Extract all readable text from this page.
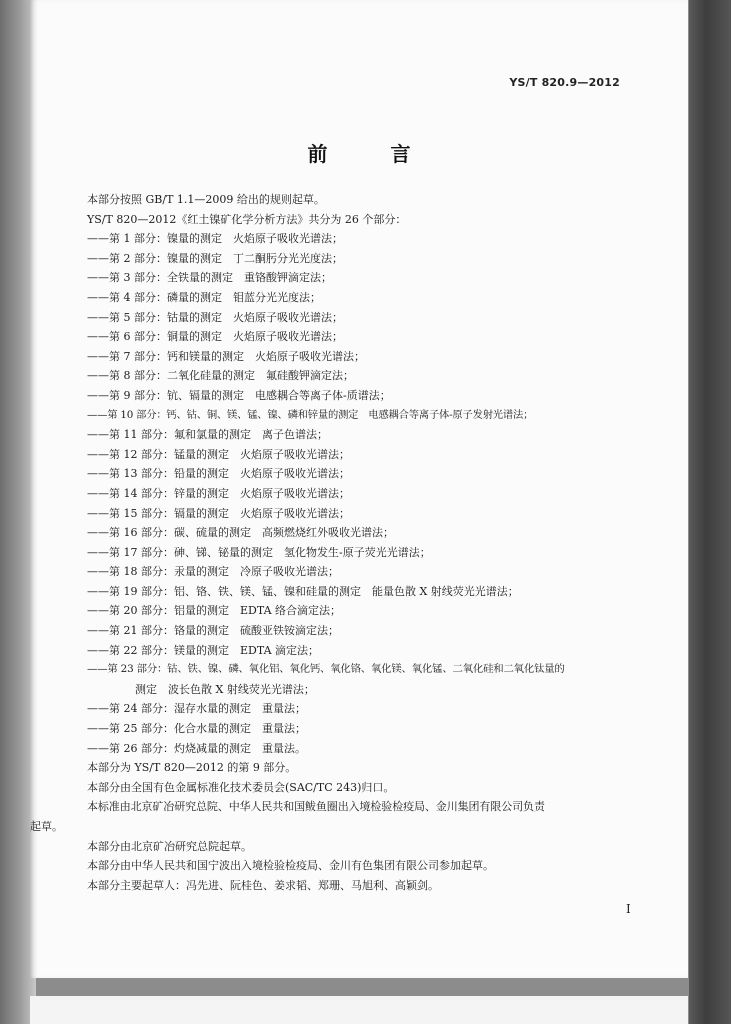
YS/T 820.9—2012
前 言
本部分按照 GB/T 1.1—2009 给出的规则起草。
YS/T 820—2012《红土镍矿化学分析方法》共分为 26 个部分：
——第 1 部分：镍量的测定　火焰原子吸收光谱法；
——第 2 部分：镍量的测定　丁二酮肟分光光度法；
——第 3 部分：全铁量的测定　重铬酸钾滴定法；
——第 4 部分：磷量的测定　钼蓝分光光度法；
——第 5 部分：钴量的测定　火焰原子吸收光谱法；
——第 6 部分：铜量的测定　火焰原子吸收光谱法；
——第 7 部分：钙和镁量的测定　火焰原子吸收光谱法；
——第 8 部分：二氧化硅量的测定　氟硅酸钾滴定法；
——第 9 部分：钪、镉量的测定　电感耦合等离子体-质谱法；
——第 10 部分：钙、钴、铜、镁、锰、镍、磷和锌量的测定　电感耦合等离子体-原子发射光谱法；
——第 11 部分：氟和氯量的测定　离子色谱法；
——第 12 部分：锰量的测定　火焰原子吸收光谱法；
——第 13 部分：铅量的测定　火焰原子吸收光谱法；
——第 14 部分：锌量的测定　火焰原子吸收光谱法；
——第 15 部分：镉量的测定　火焰原子吸收光谱法；
——第 16 部分：碳、硫量的测定　高频燃烧红外吸收光谱法；
——第 17 部分：砷、锑、铋量的测定　氢化物发生-原子荧光光谱法；
——第 18 部分：汞量的测定　冷原子吸收光谱法；
——第 19 部分：铝、铬、铁、镁、锰、镍和硅量的测定　能量色散 X 射线荧光光谱法；
——第 20 部分：铝量的测定　EDTA 络合滴定法；
——第 21 部分：铬量的测定　硫酸亚铁铵滴定法；
——第 22 部分：镁量的测定　EDTA 滴定法；
——第 23 部分：钴、铁、镍、磷、氧化铝、氧化钙、氧化铬、氧化镁、氧化锰、二氧化硅和二氧化钛量的
测定　波长色散 X 射线荧光光谱法；
——第 24 部分：湿存水量的测定　重量法；
——第 25 部分：化合水量的测定　重量法；
——第 26 部分：灼烧减量的测定　重量法。
本部分为 YS/T 820—2012 的第 9 部分。
本部分由全国有色金属标准化技术委员会(SAC/TC 243)归口。
本标准由北京矿冶研究总院、中华人民共和国鲅鱼圈出入境检验检疫局、金川集团有限公司负责
起草。
本部分由北京矿冶研究总院起草。
本部分由中华人民共和国宁波出入境检验检疫局、金川有色集团有限公司参加起草。
本部分主要起草人：冯先进、阮桂色、姜求韬、郑珊、马旭利、高颖剑。
I
